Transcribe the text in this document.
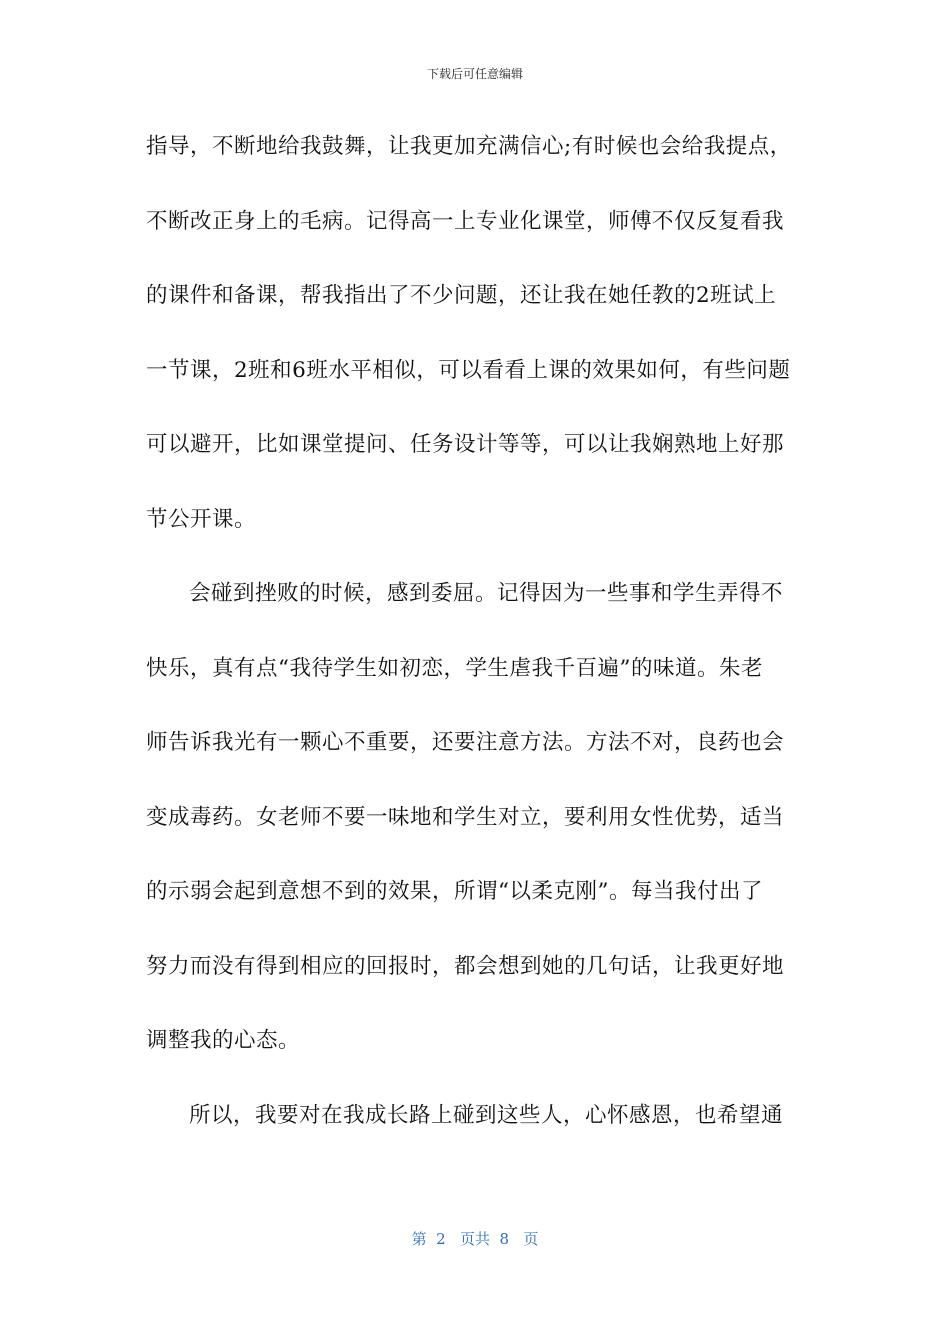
下载后可任意编辑
指导，不断地给我鼓舞，让我更加充满信心;有时候也会给我提点，
不断改正身上的毛病。记得高一上专业化课堂，师傅不仅反复看我
的课件和备课，帮我指出了不少问题，还让我在她任教的2班试上
一节课，2班和6班水平相似，可以看看上课的效果如何，有些问题
可以避开，比如课堂提问、任务设计等等，可以让我娴熟地上好那
节公开课。
会碰到挫败的时候，感到委屈。记得因为一些事和学生弄得不
快乐，真有点“我待学生如初恋，学生虐我千百遍”的味道。朱老
师告诉我光有一颗心不重要，还要注意方法。方法不对，良药也会
变成毒药。女老师不要一味地和学生对立，要利用女性优势，适当
的示弱会起到意想不到的效果，所谓“以柔克刚”。每当我付出了
努力而没有得到相应的回报时，都会想到她的几句话，让我更好地
调整我的心态。
所以，我要对在我成长路上碰到这些人，心怀感恩，也希望通
第  2   页共  8   页
